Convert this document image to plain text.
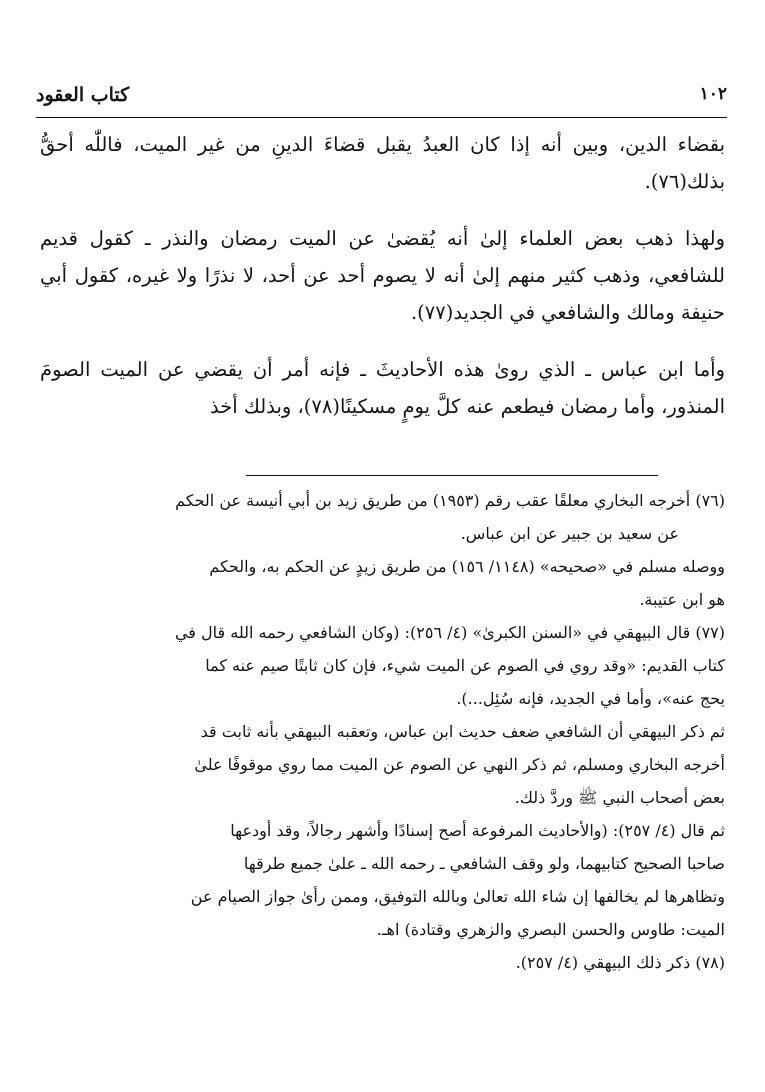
كتاب العقود	١٠٢

بقضاء الدين، وبين أنه إذا كان العبدُ يقبل قضاءَ الدينِ من غير الميت، فاللّٰه أحقُّ بذلك(٧٦).

ولهذا ذهب بعض العلماء إلىٰ أنه يُقضىٰ عن الميت رمضان والنذر ـ كقول قديم للشافعي، وذهب كثير منهم إلىٰ أنه لا يصوم أحد عن أحد، لا نذرًا ولا غيره، كقول أبي حنيفة ومالك والشافعي في الجديد(٧٧).

وأما ابن عباس ـ الذي روىٰ هذه الأحاديثَ ـ فإنه أمر أن يقضي عن الميت الصومَ المنذور، وأما رمضان فيطعم عنه كلَّ يومٍ مسكينًا(٧٨)، وبذلك أخذ

(٧٦) أخرجه البخاري معلقًا عقب رقم (١٩٥٣) من طريق زيد بن أبي أنيسة عن الحكم

عن سعيد بن جبير عن ابن عباس.

ووصله مسلم في «صحيحه» (١١٤٨/ ١٥٦) من طريق زيدٍ عن الحكم به، والحكم

هو ابن عتيبة.

(٧٧) قال البيهقي في «السنن الكبرىٰ» (٤/ ٢٥٦): (وكان الشافعي رحمه الله قال في

كتاب القديم: «وقد روي في الصوم عن الميت شيء، فإن كان ثابتًا صيم عنه كما

يحج عنه»، وأما في الجديد، فإنه سُئِل...).

ثم ذكر البيهقي أن الشافعي ضعف حديث ابن عباس، وتعقبه البيهقي بأنه ثابت قد

أخرجه البخاري ومسلم، ثم ذكر النهي عن الصوم عن الميت مما روي موقوفًا علىٰ

بعض أصحاب النبي ﷺ وردَّ ذلك.

ثم قال (٤/ ٢٥٧): (والأحاديث المرفوعة أصح إسنادًا وأشهر رجالاً، وقد أودعها

صاحبا الصحيح كتابيهما، ولو وقف الشافعي ـ رحمه الله ـ علىٰ جميع طرقها

وتظاهرها لم يخالفها إن شاء الله تعالىٰ وبالله التوفيق، وممن رأىٰ جواز الصيام عن

الميت: طاوس والحسن البصري والزهري وقتادة) اهـ.

(٧٨) ذكر ذلك البيهقي (٤/ ٢٥٧).
